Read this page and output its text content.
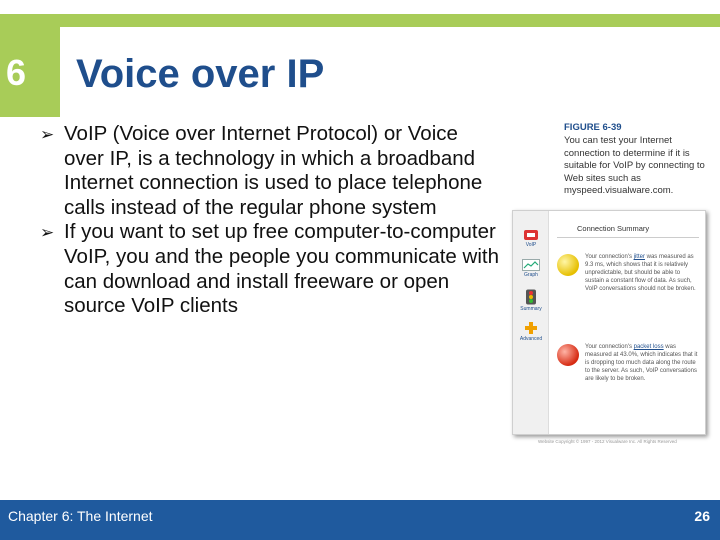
6 Voice over IP
➢ VoIP (Voice over Internet Protocol) or Voice over IP, is a technology in which a broadband Internet connection is used to place telephone calls instead of the regular phone system
➢ If you want to set up free computer-to-computer VoIP, you and the people you communicate with can download and install freeware or open source VoIP clients
FIGURE 6-39
You can test your Internet connection to determine if it is suitable for VoIP by connecting to Web sites such as myspeed.visualware.com.
VoIP
Graph
Summary
Advanced
Connection Summary
Your connection's jitter was measured as 9.3 ms, which shows that it is relatively unpredictable, but should be able to sustain a constant flow of data. As such, VoIP conversations should not be broken.
Your connection's packet loss was measured at 43.0%, which indicates that it is dropping too much data along the route to the server. As such, VoIP conversations are likely to be broken.
Website Copyright © 1997 - 2012 Visualware Inc. All Rights Reserved
Chapter 6: The Internet	26
